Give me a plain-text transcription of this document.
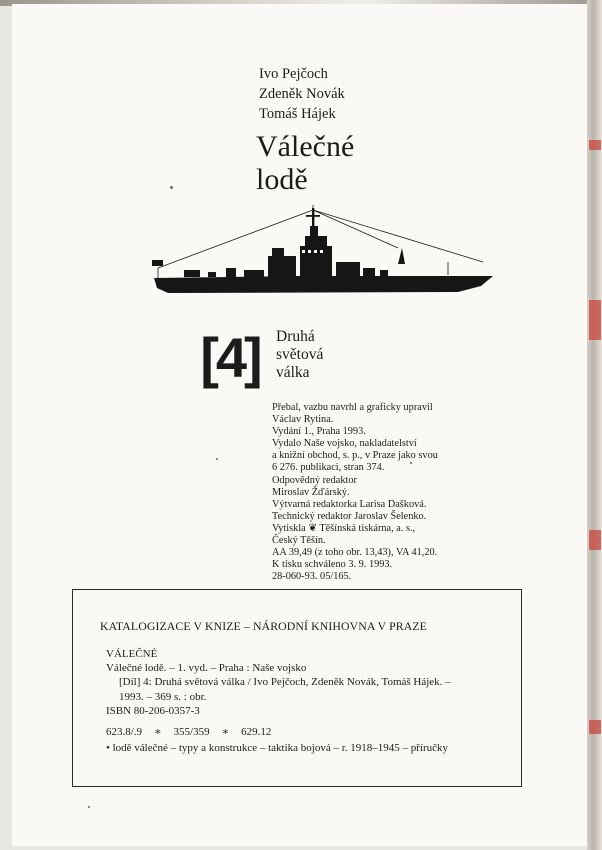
Ivo Pejčoch
Zdeněk Novák
Tomáš Hájek
Válečné
lodě
[4] Druhá
světová
válka
Přebal, vazbu navrhl a graficky upravil
Václav Rytina.
Vydání 1., Praha 1993.
Vydalo Naše vojsko, nakladatelství
a knižní obchod, s. p., v Praze jako svou
6 276. publikaci, stran 374.
Odpovědný redaktor
Miroslav Žďárský.
Výtvarná redaktorka Larisa Dašková.
Technický redaktor Jaroslav Šelenko.
Vytiskla ❦ Těšínská tiskárna, a. s.,
Český Těšín.
AA 39,49 (z toho obr. 13,43), VA 41,20.
K tisku schváleno 3. 9. 1993.
28-060-93. 05/165.
KATALOGIZACE V KNIZE – NÁRODNÍ KNIHOVNA V PRAZE
VÁLEČNÉ
Válečné lodě. – 1. vyd. – Praha : Naše vojsko
[Díl] 4: Druhá světová válka / Ivo Pejčoch, Zdeněk Novák, Tomáš Hájek. –
1993. – 369 s. : obr.
ISBN 80-206-0357-3
623.8/.9 ∗ 355/359 ∗ 629.12
• lodě válečné – typy a konstrukce – taktika bojová – r. 1918–1945 – příručky
